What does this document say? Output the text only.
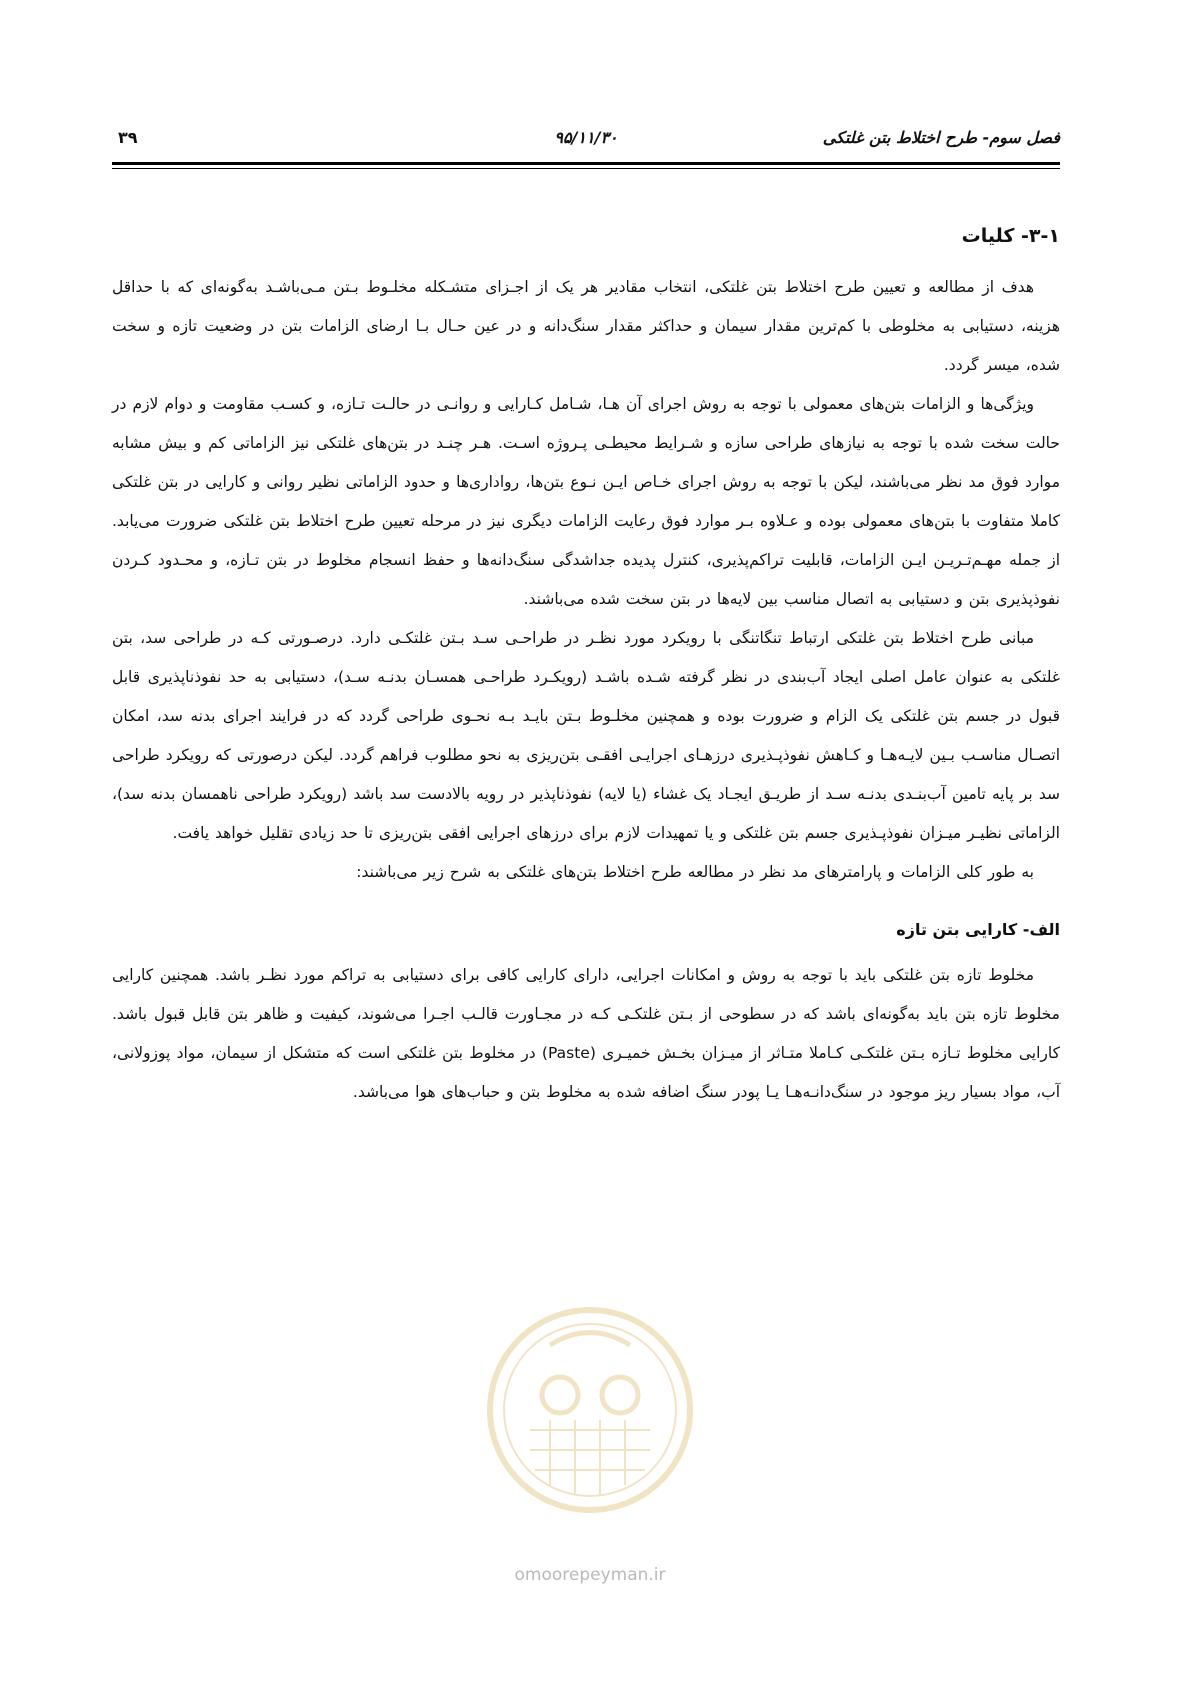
فصل سوم- طرح اختلاط بتن غلتکی
۹۵/۱۱/۳۰
۳۹
۳-۱- کلیات

هدف از مطالعه و تعیین طرح اختلاط بتن غلتکی، انتخاب مقادیر هر یک از اجـزای متشـکله مخلـوط بـتن مـی‌باشـد به‌گونه‌ای که با حداقل هزینه، دستیابی به مخلوطی با کم‌ترین مقدار سیمان و حداکثر مقدار سنگ‌دانه و در عین حـال بـا ارضای الزامات بتن در وضعیت تازه و سخت شده، میسر گردد.

ویژگی‌ها و الزامات بتن‌های معمولی با توجه به روش اجرای آن هـا، شـامل کـارایی و روانـی در حالـت تـازه، و کسـب مقاومت و دوام لازم در حالت سخت شده با توجه به نیازهای طراحی سازه و شـرایط محیطـی پـروژه اسـت. هـر چنـد در بتن‌های غلتکی نیز الزاماتی کم و بیش مشابه موارد فوق مد نظر می‌باشند، لیکن با توجه به روش اجرای خـاص ایـن نـوع بتن‌ها، رواداری‌ها و حدود الزاماتی نظیر روانی و کارایی در بتن غلتکی کاملا متفاوت با بتن‌های معمولی بوده و عـلاوه بـر موارد فوق رعایت الزامات دیگری نیز در مرحله تعیین طرح اختلاط بتن غلتکی ضرورت می‌یابد. از جمله مهـم‌تـریـن ایـن الزامات، قابلیت تراکم‌پذیری، کنترل پدیده جداشدگی سنگ‌دانه‌ها و حفظ انسجام مخلوط در بتن تـازه، و محـدود کـردن نفوذپذیری بتن و دستیابی به اتصال مناسب بین لایه‌ها در بتن سخت شده می‌باشند.

مبانی طرح اختلاط بتن غلتکی ارتباط تنگاتنگی با رویکرد مورد نظـر در طراحـی سـد بـتن غلتکـی دارد. درصـورتی کـه در طراحی سد، بتن غلتکی به عنوان عامل اصلی ایجاد آب‌بندی در نظر گرفته شـده باشـد (رویکـرد طراحـی همسـان بدنـه سـد)، دستیابی به حد نفوذناپذیری قابل قبول در جسم بتن غلتکی یک الزام و ضرورت بوده و همچنین مخلـوط بـتن بایـد بـه نحـوی طراحی گردد که در فرایند اجرای بدنه سد، امکان اتصـال مناسـب بـین لایـه‌هـا و کـاهش نفوذپـذیری درزهـای اجرایـی افقـی بتن‌ریزی به نحو مطلوب فراهم گردد. لیکن درصورتی که رویکرد طراحی سد بر پایه تامین آب‌بنـدی بدنـه سـد از طریـق ایجـاد یک غشاء (یا لایه) نفوذناپذیر در رویه بالادست سد باشد (رویکرد طراحی ناهمسان بدنه سد)، الزاماتی نظیـر میـزان نفوذپـذیری جسم بتن غلتکی و یا تمهیدات لازم برای درزهای اجرایی افقی بتن‌ریزی تا حد زیادی تقلیل خواهد یافت.

به طور کلی الزامات و پارامترهای مد نظر در مطالعه طرح اختلاط بتن‌های غلتکی به شرح زیر می‌باشند:

الف- کارایی بتن تازه

مخلوط تازه بتن غلتکی باید با توجه به روش و امکانات اجرایی، دارای کارایی کافی برای دستیابی به تراکم مورد نظـر باشد. همچنین کارایی مخلوط تازه بتن باید به‌گونه‌ای باشد که در سطوحی از بـتن غلتکـی کـه در مجـاورت قالـب اجـرا می‌شوند، کیفیت و ظاهر بتن قابل قبول باشد. کارایی مخلوط تـازه بـتن غلتکـی کـاملا متـاثر از میـزان بخـش خمیـری (Paste) در مخلوط بتن غلتکی است که متشکل از سیمان، مواد پوزولانی، آب، مواد بسیار ریز موجود در سنگ‌دانـه‌هـا یـا پودر سنگ اضافه شده به مخلوط بتن و حباب‌های هوا می‌باشد.

omoorepeyman.ir
